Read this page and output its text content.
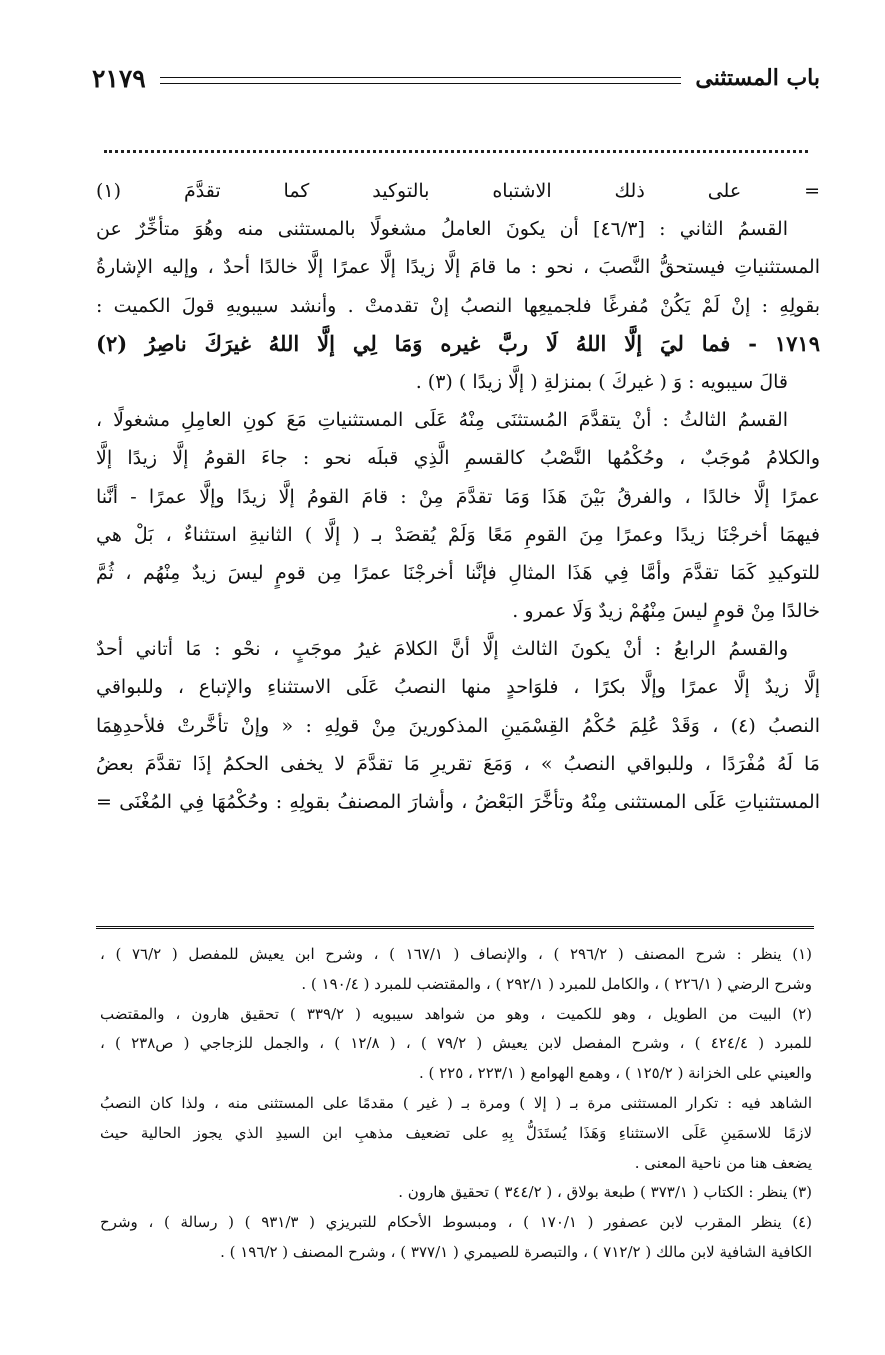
باب المستثنى
٢١٧٩
= على ذلك الاشتباه بالتوكيد كما تقدَّمَ (١)
القسمُ الثاني : [٤٦/٣] أن يكونَ العاملُ مشغولًا بالمستثنى منه وهُوَ متأخِّرٌ عن
المستثنياتِ فيستحقُّ النَّصبَ ، نحو : ما قامَ إلَّا زيدًا إلَّا عمرًا إلَّا خالدًا أحدٌ ، وإليه الإشارةُ
بقولِهِ : إنْ لَمْ يَكُنْ مُفرغًا فلجميعِها النصبُ إنْ تقدمتْ . وأنشد سيبويهِ قولَ الكميت :
١٧١٩ - فما ليَ إلَّا اللهُ لَا ربَّ غيره وَمَا لِي إلَّا اللهُ غيرَكَ ناصِرُ (٢)
قالَ سيبويه : وَ ( غيركَ ) بمنزلةِ ( إلَّا زيدًا ) (٣) .
القسمُ الثالثُ : أنْ يتقدَّمَ المُستثنَى مِنْهُ عَلَى المستثنياتِ مَعَ كونِ العامِلِ مشغولًا ،
والكلامُ مُوجَبٌ ، وحُكْمُها النَّصْبُ كالقسمِ الَّذِي قبلَه نحو : جاءَ القومُ إلَّا زيدًا إلَّا
عمرًا إلَّا خالدًا ، والفرقُ بَيْنَ هَذَا وَمَا تقدَّمَ مِنْ : قامَ القومُ إلَّا زيدًا وإلَّا عمرًا - أنَّنا
فيهمَا أخرجْنَا زيدًا وعمرًا مِنَ القومِ مَعًا وَلَمْ يُقصَدْ بـ ( إلَّا ) الثانيةِ استثناءٌ ، بَلْ هي
للتوكيدِ كَمَا تقدَّمَ وأمَّا فِي هَذَا المثالِ فإنَّنا أخرجْنَا عمرًا مِن قومٍ ليسَ زيدٌ مِنْهُم ، ثُمَّ
خالدًا مِنْ قومٍ ليسَ مِنْهُمْ زيدٌ وَلَا عمرو .
والقسمُ الرابعُ : أنْ يكونَ الثالث إلَّا أنَّ الكلامَ غيرُ موجَبٍ ، نحْو : مَا أتاني أحدٌ
إلَّا زيدٌ إلَّا عمرًا وإلَّا بكرًا ، فلوَاحدٍ منها النصبُ عَلَى الاستثناءِ والإتباع ، وللبواقي
النصبُ (٤) ، وَقَدْ عُلِمَ حُكْمُ القِسْمَينِ المذكورينَ مِنْ قولِهِ : « وإنْ تأخَّرتْ فلأحدِهِمَا
مَا لَهُ مُفْرَدًا ، وللبواقي النصبُ » ، وَمَعَ تقريرِ مَا تقدَّمَ لا يخفى الحكمُ إذَا تقدَّمَ بعضُ
المستثنياتِ عَلَى المستثنى مِنْهُ وتأخَّرَ البَعْضُ ، وأشارَ المصنفُ بقولِهِ : وحُكْمُهَا فِي المُغْنَى =
(١) ينظر : شرح المصنف ( ٢٩٦/٢ ) ، والإنصاف ( ١٦٧/١ ) ، وشرح ابن يعيش للمفصل ( ٧٦/٢ ) ،
وشرح الرضي ( ٢٢٦/١ ) ، والكامل للمبرد ( ٢٩٢/١ ) ، والمقتضب للمبرد ( ١٩٠/٤ ) .
(٢) البيت من الطويل ، وهو للكميت ، وهو من شواهد سيبويه ( ٣٣٩/٢ ) تحقيق هارون ، والمقتضب
للمبرد ( ٤٢٤/٤ ) ، وشرح المفصل لابن يعيش ( ٧٩/٢ ) ، ( ١٢/٨ ) ، والجمل للزجاجي ( ص٢٣٨ ) ،
والعيني على الخزانة ( ١٢٥/٢ ) ، وهمع الهوامع ( ٢٢٣/١ ، ٢٢٥ ) .
الشاهد فيه : تكرار المستثنى مرة بـ ( إلا ) ومرة بـ ( غير ) مقدمًا على المستثنى منه ، ولذا كان النصبُ
لازمًا للاسمَينِ عَلَى الاستثناءِ وَهَذَا يُستَدَلُّ بِهِ على تضعيف مذهبِ ابن السيدِ الذي يجوز الحالية حيث
يضعف هنا من ناحية المعنى .
(٣) ينظر : الكتاب ( ٣٧٣/١ ) طبعة بولاق ، ( ٣٤٤/٢ ) تحقيق هارون .
(٤) ينظر المقرب لابن عصفور ( ١٧٠/١ ) ، ومبسوط الأحكام للتبريزي ( ٩٣١/٣ ) ( رسالة ) ، وشرح
الكافية الشافية لابن مالك ( ٧١٢/٢ ) ، والتبصرة للصيمري ( ٣٧٧/١ ) ، وشرح المصنف ( ١٩٦/٢ ) .
